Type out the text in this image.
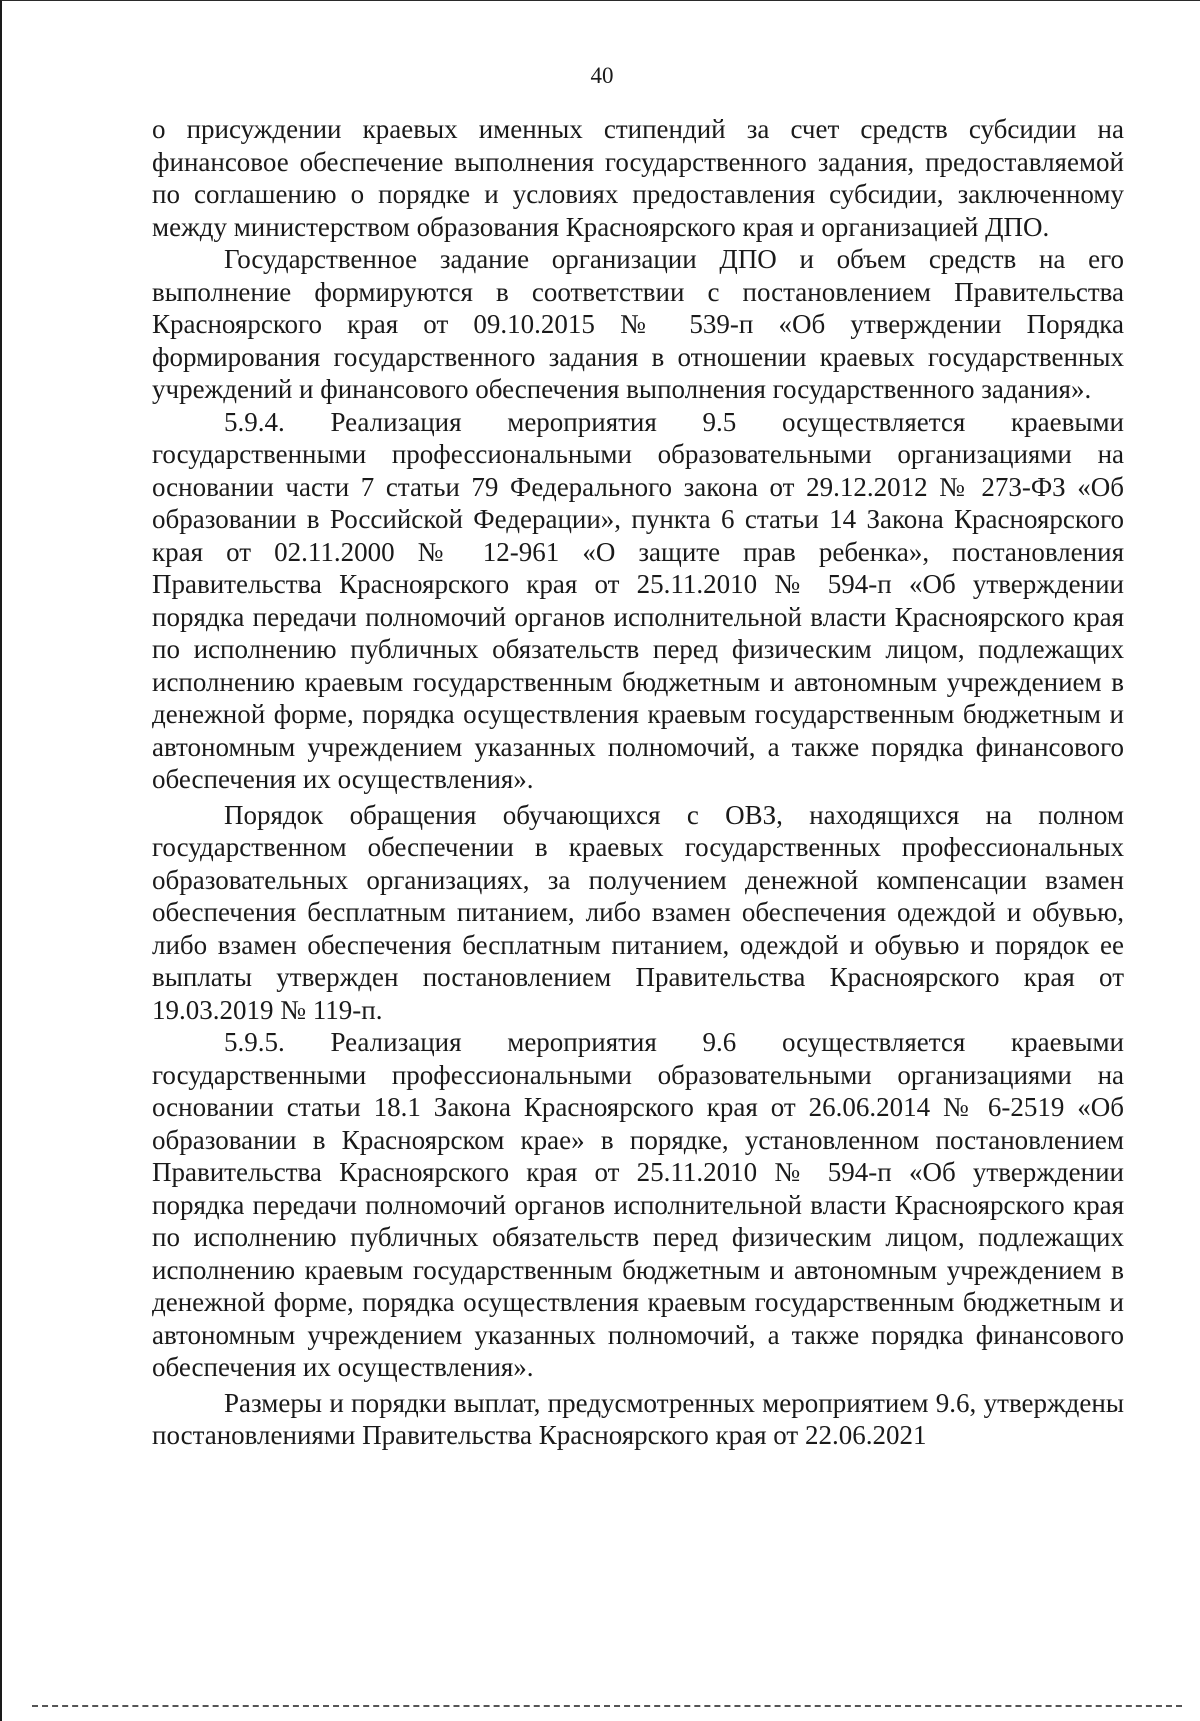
40

о присуждении краевых именных стипендий за счет средств субсидии на финансовое обеспечение выполнения государственного задания, предоставляемой по соглашению о порядке и условиях предоставления субсидии, заключенному между министерством образования Красноярского края и организацией ДПО.

Государственное задание организации ДПО и объем средств на его выполнение формируются в соответствии с постановлением Правительства Красноярского края от 09.10.2015 № 539-п «Об утверждении Порядка формирования государственного задания в отношении краевых государственных учреждений и финансового обеспечения выполнения государственного задания».

5.9.4. Реализация мероприятия 9.5 осуществляется краевыми государственными профессиональными образовательными организациями на основании части 7 статьи 79 Федерального закона от 29.12.2012 № 273-ФЗ «Об образовании в Российской Федерации», пункта 6 статьи 14 Закона Красноярского края от 02.11.2000 № 12-961 «О защите прав ребенка», постановления Правительства Красноярского края от 25.11.2010 № 594-п «Об утверждении порядка передачи полномочий органов исполнительной власти Красноярского края по исполнению публичных обязательств перед физическим лицом, подлежащих исполнению краевым государственным бюджетным и автономным учреждением в денежной форме, порядка осуществления краевым государственным бюджетным и автономным учреждением указанных полномочий, а также порядка финансового обеспечения их осуществления».

Порядок обращения обучающихся с ОВЗ, находящихся на полном государственном обеспечении в краевых государственных профессиональных образовательных организациях, за получением денежной компенсации взамен обеспечения бесплатным питанием, либо взамен обеспечения одеждой и обувью, либо взамен обеспечения бесплатным питанием, одеждой и обувью и порядок ее выплаты утвержден постановлением Правительства Красноярского края от 19.03.2019 № 119-п.

5.9.5. Реализация мероприятия 9.6 осуществляется краевыми государственными профессиональными образовательными организациями на основании статьи 18.1 Закона Красноярского края от 26.06.2014 № 6-2519 «Об образовании в Красноярском крае» в порядке, установленном постановлением Правительства Красноярского края от 25.11.2010 № 594-п «Об утверждении порядка передачи полномочий органов исполнительной власти Красноярского края по исполнению публичных обязательств перед физическим лицом, подлежащих исполнению краевым государственным бюджетным и автономным учреждением в денежной форме, порядка осуществления краевым государственным бюджетным и автономным учреждением указанных полномочий, а также порядка финансового обеспечения их осуществления».

Размеры и порядки выплат, предусмотренных мероприятием 9.6, утверждены постановлениями Правительства Красноярского края от 22.06.2021
